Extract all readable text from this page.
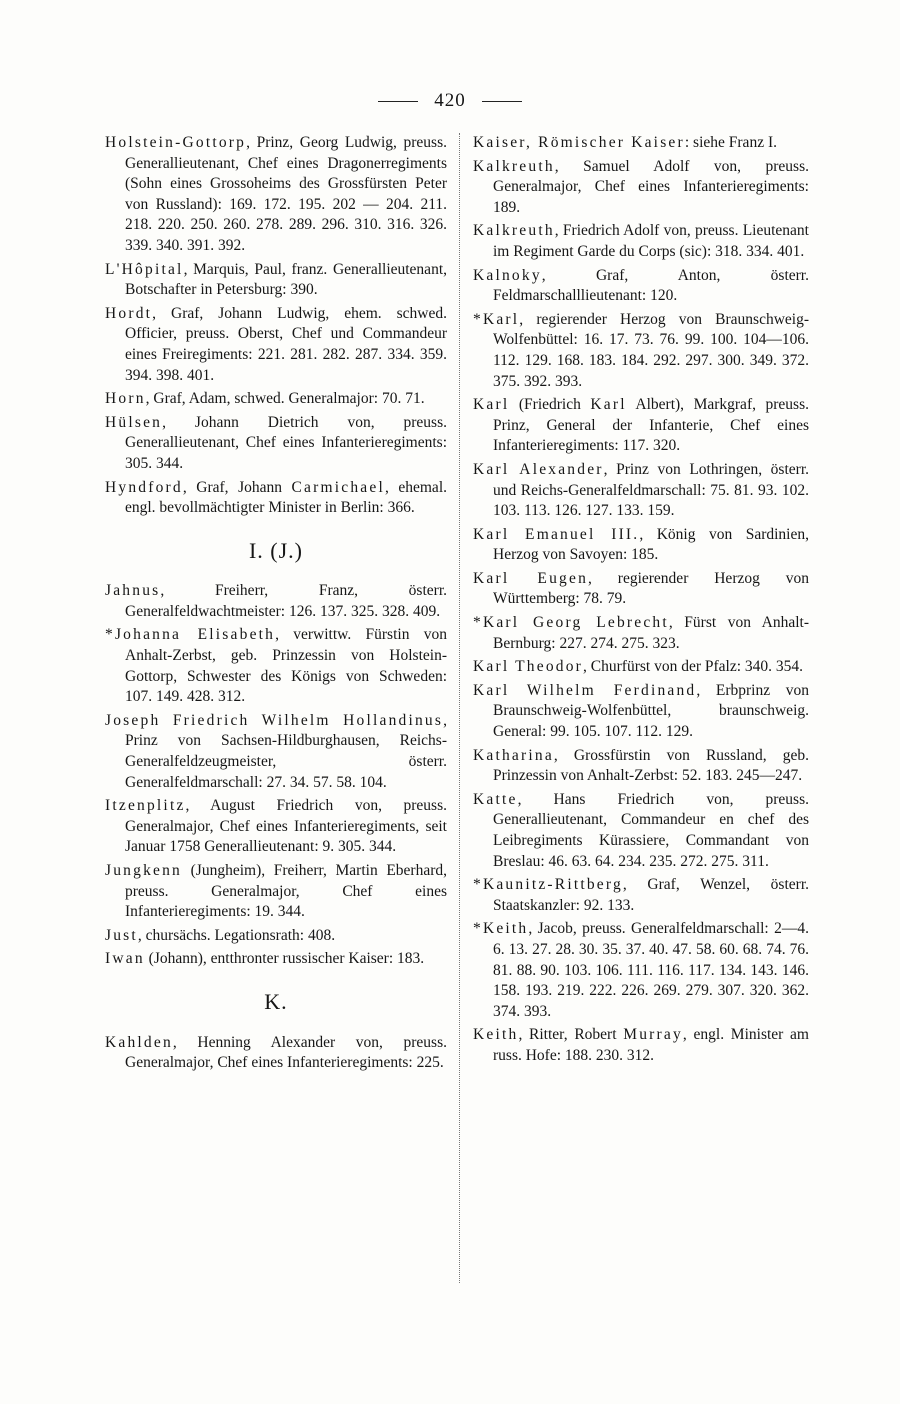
420

Holstein-Gottorp, Prinz, Georg Ludwig, preuss. Generallieutenant, Chef eines Dragonerregiments (Sohn eines Grossoheims des Grossfürsten Peter von Russland): 169. 172. 195. 202 — 204. 211. 218. 220. 250. 260. 278. 289. 296. 310. 316. 326. 339. 340. 391. 392.

L'Hôpital, Marquis, Paul, franz. Generallieutenant, Botschafter in Petersburg: 390.

Hordt, Graf, Johann Ludwig, ehem. schwed. Officier, preuss. Oberst, Chef und Commandeur eines Freiregiments: 221. 281. 282. 287. 334. 359. 394. 398. 401.

Horn, Graf, Adam, schwed. Generalmajor: 70. 71.

Hülsen, Johann Dietrich von, preuss. Generallieutenant, Chef eines Infanterieregiments: 305. 344.

Hyndford, Graf, Johann Carmichael, ehemal. engl. bevollmächtigter Minister in Berlin: 366.

I. (J.)

Jahnus, Freiherr, Franz, österr. Generalfeldwachtmeister: 126. 137. 325. 328. 409.

*Johanna Elisabeth, verwittw. Fürstin von Anhalt-Zerbst, geb. Prinzessin von Holstein-Gottorp, Schwester des Königs von Schweden: 107. 149. 428. 312.

Joseph Friedrich Wilhelm Hollandinus, Prinz von Sachsen-Hildburghausen, Reichs-Generalfeldzeugmeister, österr. Generalfeldmarschall: 27. 34. 57. 58. 104.

Itzenplitz, August Friedrich von, preuss. Generalmajor, Chef eines Infanterieregiments, seit Januar 1758 Generallieutenant: 9. 305. 344.

Jungkenn (Jungheim), Freiherr, Martin Eberhard, preuss. Generalmajor, Chef eines Infanterieregiments: 19. 344.

Just, chursächs. Legationsrath: 408.

Iwan (Johann), entthronter russischer Kaiser: 183.

K.

Kahlden, Henning Alexander von, preuss. Generalmajor, Chef eines Infanterieregiments: 225.

Kaiser, Römischer Kaiser: siehe Franz I.

Kalkreuth, Samuel Adolf von, preuss. Generalmajor, Chef eines Infanterieregiments: 189.

Kalkreuth, Friedrich Adolf von, preuss. Lieutenant im Regiment Garde du Corps (sic): 318. 334. 401.

Kalnoky, Graf, Anton, österr. Feldmarschalllieutenant: 120.

*Karl, regierender Herzog von Braunschweig-Wolfenbüttel: 16. 17. 73. 76. 99. 100. 104—106. 112. 129. 168. 183. 184. 292. 297. 300. 349. 372. 375. 392. 393.

Karl (Friedrich Karl Albert), Markgraf, preuss. Prinz, General der Infanterie, Chef eines Infanterieregiments: 117. 320.

Karl Alexander, Prinz von Lothringen, österr. und Reichs-Generalfeldmarschall: 75. 81. 93. 102. 103. 113. 126. 127. 133. 159.

Karl Emanuel III., König von Sardinien, Herzog von Savoyen: 185.

Karl Eugen, regierender Herzog von Württemberg: 78. 79.

*Karl Georg Lebrecht, Fürst von Anhalt-Bernburg: 227. 274. 275. 323.

Karl Theodor, Churfürst von der Pfalz: 340. 354.

Karl Wilhelm Ferdinand, Erbprinz von Braunschweig-Wolfenbüttel, braunschweig. General: 99. 105. 107. 112. 129.

Katharina, Grossfürstin von Russland, geb. Prinzessin von Anhalt-Zerbst: 52. 183. 245—247.

Katte, Hans Friedrich von, preuss. Generallieutenant, Commandeur en chef des Leibregiments Kürassiere, Commandant von Breslau: 46. 63. 64. 234. 235. 272. 275. 311.

*Kaunitz-Rittberg, Graf, Wenzel, österr. Staatskanzler: 92. 133.

*Keith, Jacob, preuss. Generalfeldmarschall: 2—4. 6. 13. 27. 28. 30. 35. 37. 40. 47. 58. 60. 68. 74. 76. 81. 88. 90. 103. 106. 111. 116. 117. 134. 143. 146. 158. 193. 219. 222. 226. 269. 279. 307. 320. 362. 374. 393.

Keith, Ritter, Robert Murray, engl. Minister am russ. Hofe: 188. 230. 312.
